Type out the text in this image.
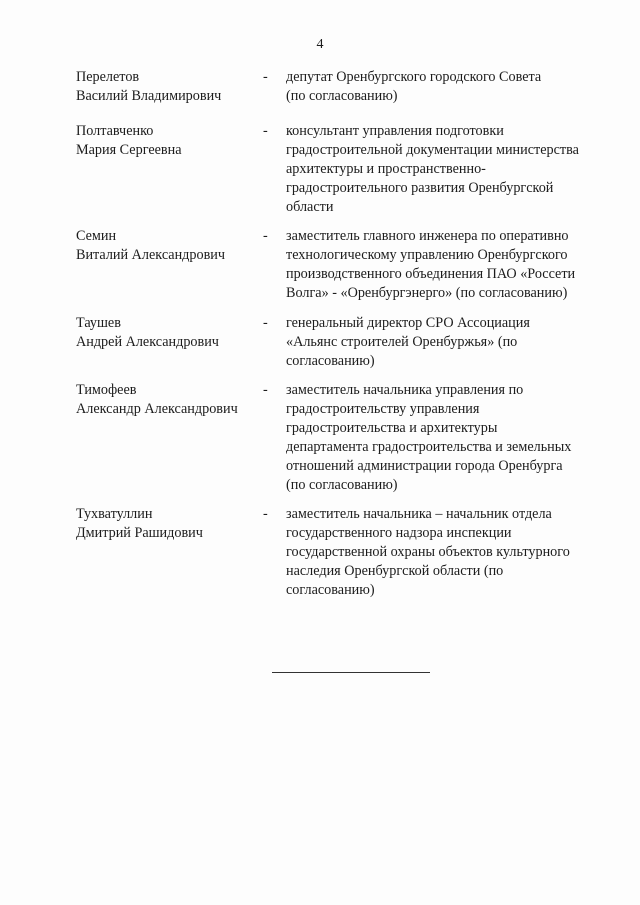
4
Перелетов
Василий Владимирович
- депутат Оренбургского городского Совета
(по согласованию)
Полтавченко
Мария Сергеевна
- консультант управления подготовки
градостроительной документации министерства
архитектуры и пространственно-
градостроительного развития Оренбургской
области
Семин
Виталий Александрович
- заместитель главного инженера по оперативно
технологическому управлению Оренбургского
производственного объединения ПАО «Россети
Волга» - «Оренбургэнерго» (по согласованию)
Таушев
Андрей Александрович
- генеральный директор СРО Ассоциация
«Альянс строителей Оренбуржья» (по
согласованию)
Тимофеев
Александр Александрович
- заместитель начальника управления по
градостроительству управления
градостроительства и архитектуры
департамента градостроительства и земельных
отношений администрации города Оренбурга
(по согласованию)
Тухватуллин
Дмитрий Рашидович
- заместитель начальника – начальник отдела
государственного надзора инспекции
государственной охраны объектов культурного
наследия Оренбургской области (по
согласованию)
